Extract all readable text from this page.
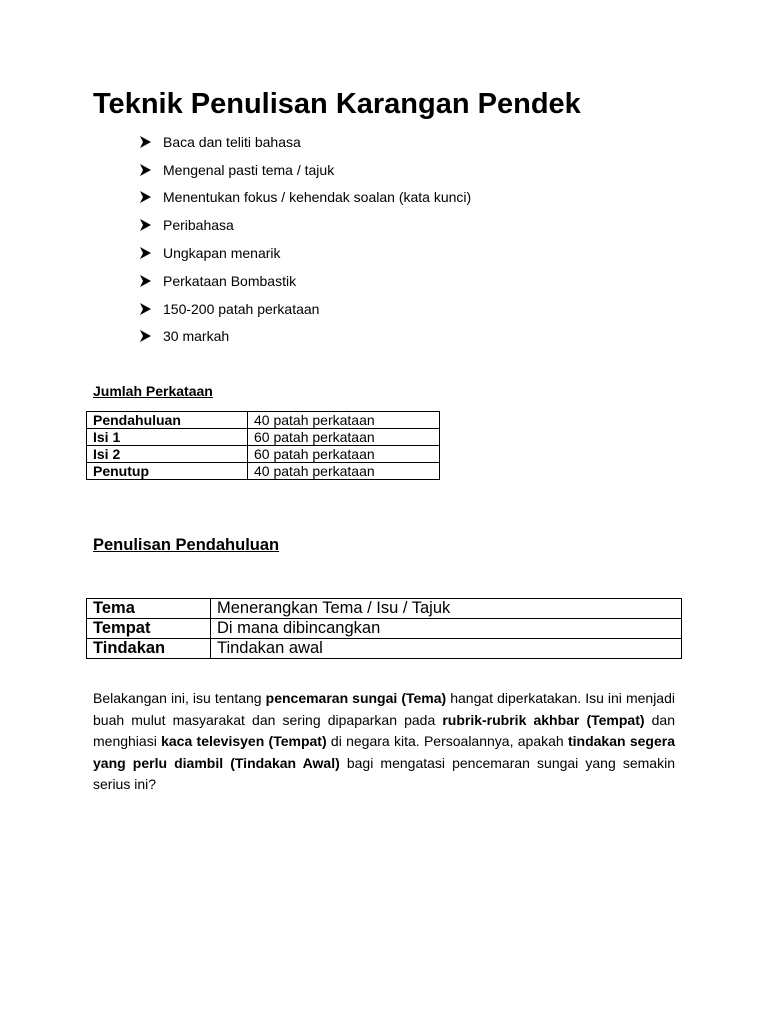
Teknik Penulisan Karangan Pendek
Baca dan teliti bahasa
Mengenal pasti tema / tajuk
Menentukan fokus / kehendak soalan (kata kunci)
Peribahasa
Ungkapan menarik
Perkataan Bombastik
150-200 patah perkataan
30 markah
Jumlah Perkataan
Pendahuluan	40 patah perkataan
Isi 1	60 patah perkataan
Isi 2	60 patah perkataan
Penutup	40 patah perkataan
Penulisan Pendahuluan
Tema	Menerangkan Tema / Isu / Tajuk
Tempat	Di mana dibincangkan
Tindakan	Tindakan awal

Belakangan ini, isu tentang pencemaran sungai (Tema) hangat diperkatakan. Isu ini menjadi buah mulut masyarakat dan sering dipaparkan pada rubrik-rubrik akhbar (Tempat) dan menghiasi kaca televisyen (Tempat) di negara kita. Persoalannya, apakah tindakan segera yang perlu diambil (Tindakan Awal) bagi mengatasi pencemaran sungai yang semakin serius ini?
